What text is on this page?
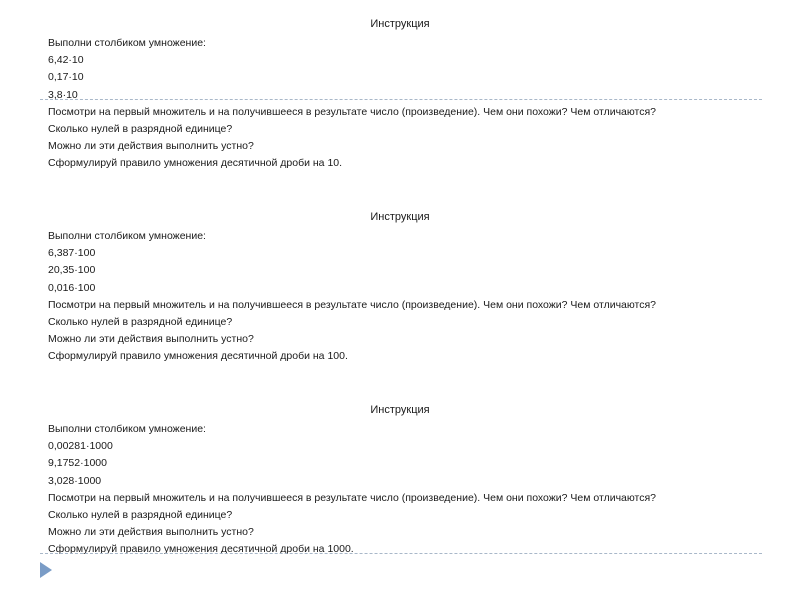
Инструкция
Выполни столбиком умножение:
6,42·10
0,17·10
3,8·10
Посмотри на первый множитель и на получившееся в результате число (произведение). Чем они похожи? Чем отличаются?
Сколько нулей в разрядной единице?
Можно ли эти действия выполнить устно?
Сформулируй правило умножения десятичной дроби на 10.
Инструкция
Выполни столбиком умножение:
6,387·100
20,35·100
0,016·100
Посмотри на первый множитель и на получившееся в результате число (произведение). Чем они похожи? Чем отличаются?
Сколько нулей в разрядной единице?
Можно ли эти действия выполнить устно?
Сформулируй правило умножения десятичной дроби на 100.
Инструкция
Выполни столбиком умножение:
0,00281·1000
9,1752·1000
3,028·1000
Посмотри на первый множитель и на получившееся в результате число (произведение). Чем они похожи? Чем отличаются?
Сколько нулей в разрядной единице?
Можно ли эти действия выполнить устно?
Сформулируй правило умножения десятичной дроби на 1000.
